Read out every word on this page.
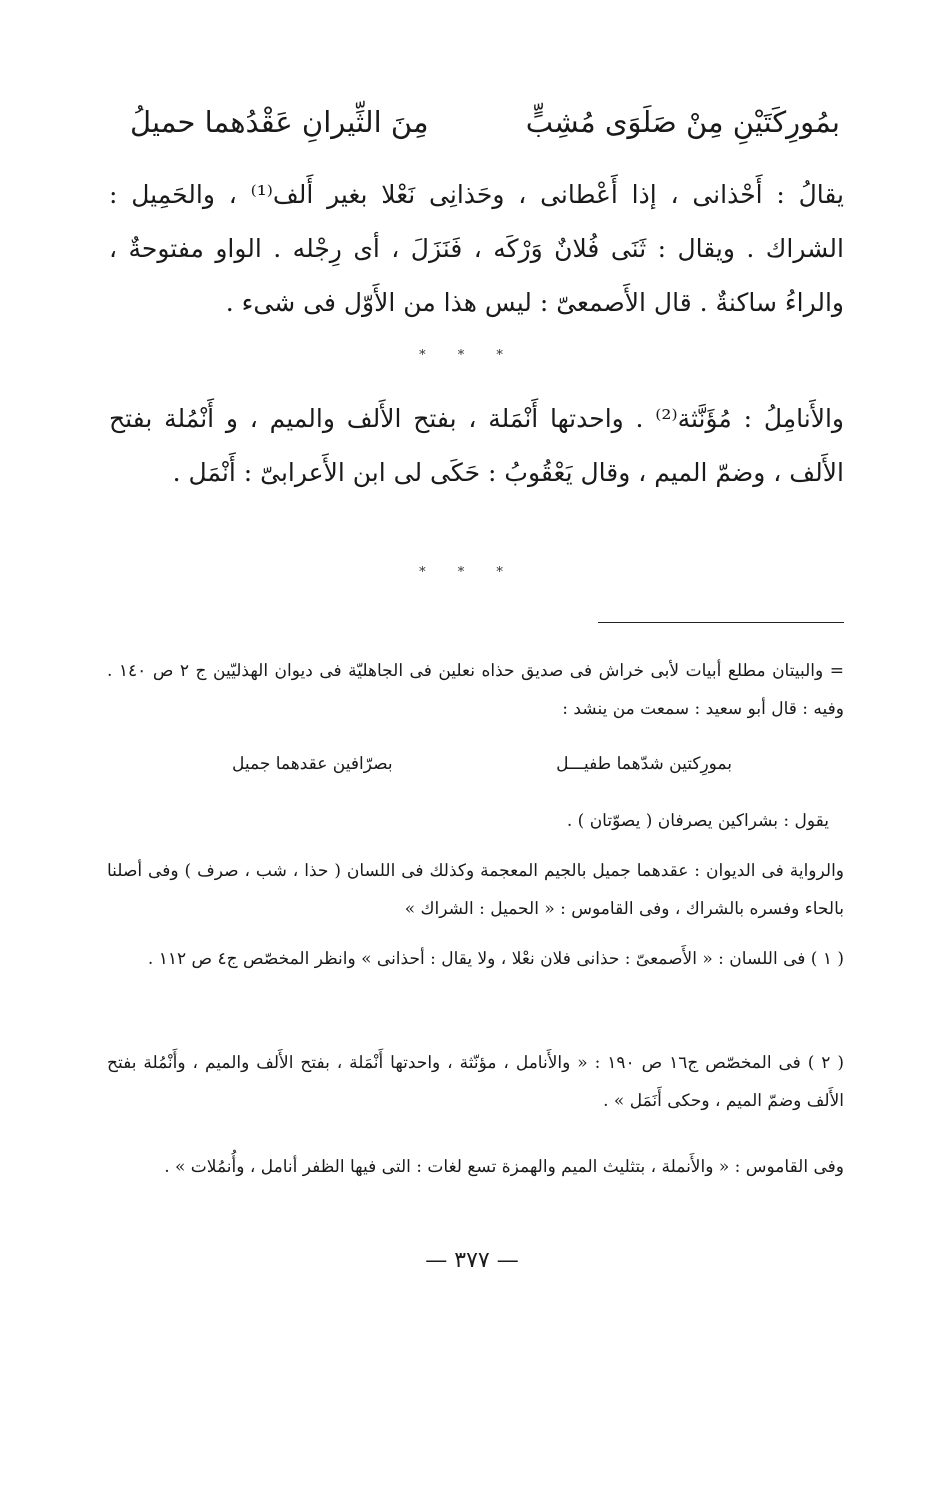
بمُورِكَتَيْنِ مِنْ صَلَوَى مُشِبٍّ
مِنَ الثِّيرانِ عَقْدُهما حميلُ
يقالُ : أَحْذانى ، إذا أَعْطانى ، وحَذانِى نَعْلا بغير أَلف⁽¹⁾ ، والحَمِيل : الشراك . ويقال : ثَنَى فُلانٌ وَرْكَه ، فَنَزَلَ ، أى رِجْله . الواو مفتوحةٌ ، والراءُ ساكنةٌ . قال الأَصمعىّ : ليس هذا من الأَوّل فى شىء .
* * *
والأَنامِلُ : مُؤَنَّثة⁽²⁾ . واحدتها أَنْمَلة ، بفتح الأَلف والميم ، و أَنْمُلة بفتح الأَلف ، وضمّ الميم ، وقال يَعْقُوبُ : حَكَى لى ابن الأَعرابىّ : أَنْمَل .
* * *
= والبيتان مطلع أبيات لأبى خراش فى صديق حذاه نعلين فى الجاهليّة فى ديوان الهذليّين ج ٢ ص ١٤٠ . وفيه : قال أبو سعيد : سمعت من ينشد :
بمورِكتين شدّهما طفيـــل
بصرّافين عقدهما جميل
يقول : بشراكين يصرفان ( يصوّتان ) .
والرواية فى الديوان : عقدهما جميل بالجيم المعجمة وكذلك فى اللسان ( حذا ، شب ، صرف ) وفى أصلنا بالحاء وفسره بالشراك ، وفى القاموس : « الحميل : الشراك »
( ١ ) فى اللسان : « الأَصمعىّ : حذانى فلان نعْلا ، ولا يقال : أحذانى » وانظر المخصّص ج٤ ص ١١٢ .
( ٢ ) فى المخصّص ج١٦ ص ١٩٠ : « والأَنامل ، مؤنّثة ، واحدتها أَنْمَلة ، بفتح الأَلف والميم ، وأَنْمُلة بفتح الأَلف وضمّ الميم ، وحكى أَنَمَل » .
وفى القاموس : « والأَنملة ، بتثليث الميم والهمزة تسع لغات : التى فيها الظفر أنامل ، وأُنمُلات » .
— ٣٧٧ —
